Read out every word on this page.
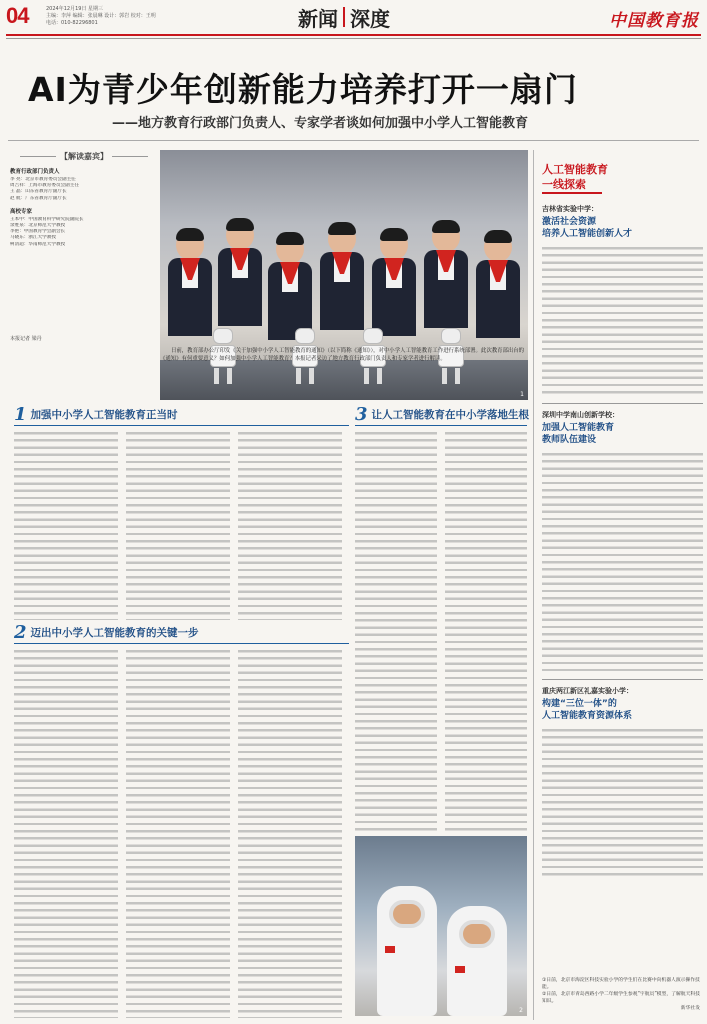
04	2024年12月19日 星期三
主编：李萍 编辑：张晨琳 设计：郭岩 校对：王明
电话：010-82296801	新闻 深度	中国教育报
AI为青少年创新能力培养打开一扇门
——地方教育行政部门负责人、专家学者谈如何加强中小学人工智能教育
【解读嘉宾】
教育行政部门负责人
李 亮：北京市教育委员会副主任
周吉祥：上海市教育委员会副主任
王 晶：山东省教育厅副厅长
赵 航：广东省教育厅副厅长
高校专家
王本中：中国教育科学研究院副院长
余胜泉：北京师范大学教授
李艳：中国教育学会副会长
马晓东：浙江大学教授
柯清超：华南师范大学教授
本报记者 梁丹
1

日前，教育部办公厅印发《关于加强中小学人工智能教育的通知》（以下简称《通知》），对中小学人工智能教育工作进行系统部署。此次教育部出台的《通知》有何重要意义？如何加强中小学人工智能教育？本报记者采访了地方教育行政部门负责人和专家学者进行解读。

1 加强中小学人工智能教育正当时
2 迈出中小学人工智能教育的关键一步
3 让人工智能教育在中小学落地生根
2
人工智能教育
一线探索
吉林省实验中学：
激活社会资源
培养人工智能创新人才
深圳中学南山创新学校：
加强人工智能教育
教师队伍建设
重庆两江新区礼嘉实验小学：
构建“三位一体”的
人工智能教育资源体系
①日前，北京市海淀区科技实验小学的学生们在比赛中向机器人演示操作技能。
②日前，北京市青岛西路小学二年级学生参观“宇航员”模型，了解航天科技知识。
新华社发
